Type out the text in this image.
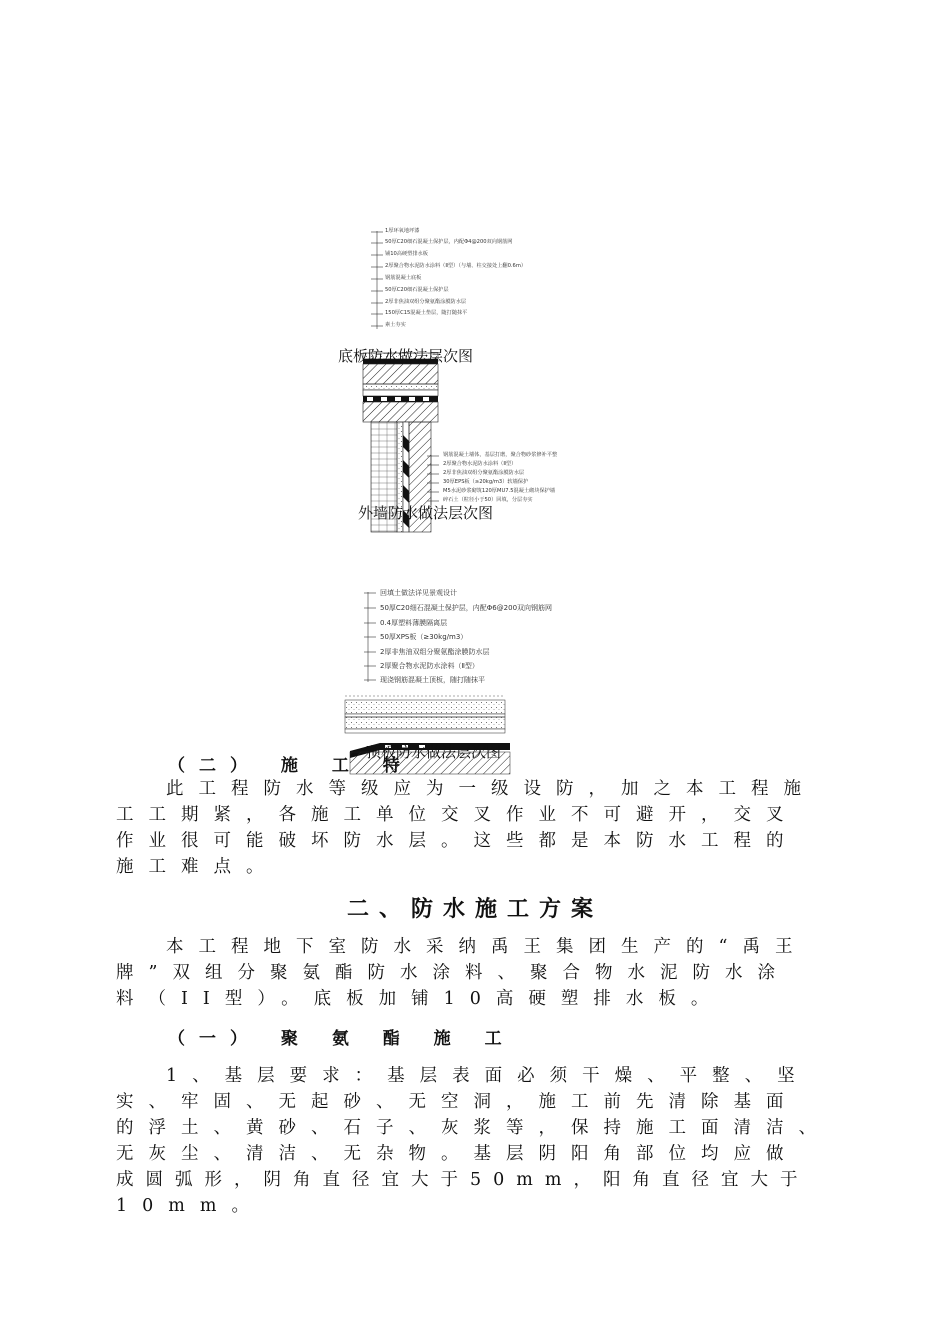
1厚环氧地坪漆
50厚C20细石混凝土保护层，内配Φ4@200双向钢筋网
铺10高硬塑排水板
2厚聚合物水泥防水涂料（Ⅱ型）（与墙、柱交接处上翻0.6m）
钢筋混凝土底板
50厚C20细石混凝土保护层
2厚非焦油双组分聚氨酯涂膜防水层
150厚C15混凝土垫层，随打随抹平
素土夯实
钢筋混凝土墙体，基层打磨，聚合物砂浆修补平整
2厚聚合物水泥防水涂料（Ⅱ型）
2厚非焦油双组分聚氨酯涂膜防水层
30厚EPS板（≥20kg/m3）软墙保护
M5水泥砂浆砌筑120厚MU7.5混凝土砌块保护墙
碎石土（粒径小于50）回填，分层夯实
底板防水做法层次图
外墙防水做法层次图
回填土做法详见景观设计
50厚C20细石混凝土保护层，内配Φ6@200双向钢筋网
0.4厚塑料薄膜隔离层
50厚XPS板（≥30kg/m3）
2厚非焦油双组分聚氨酯涂膜防水层
2厚聚合物水泥防水涂料（Ⅱ型）
现浇钢筋混凝土顶板，随打随抹平
顶板防水做法层次图
（二） 施 工 特
此工程防水等级应为一级设防，加之本工程施
工工期紧，各施工单位交叉作业不可避开，交叉
作业很可能破坏防水层。这些都是本防水工程的
施工难点。
二、防水施工方案
本工程地下室防水采纳禹王集团生产的“禹王
牌”双组分聚氨酯防水涂料、聚合物水泥防水涂
料（II型）。底板加铺10高硬塑排水板。
（一） 聚 氨 酯 施 工
1、基层要求：基层表面必须干燥、平整、坚
实、牢固、无起砂、无空洞，施工前先清除基面
的浮土、黄砂、石子、灰浆等，保持施工面清洁、
无灰尘、清洁、无杂物。基层阴阳角部位均应做
成圆弧形，阴角直径宜大于50mm，阳角直径宜大于
10mm。
